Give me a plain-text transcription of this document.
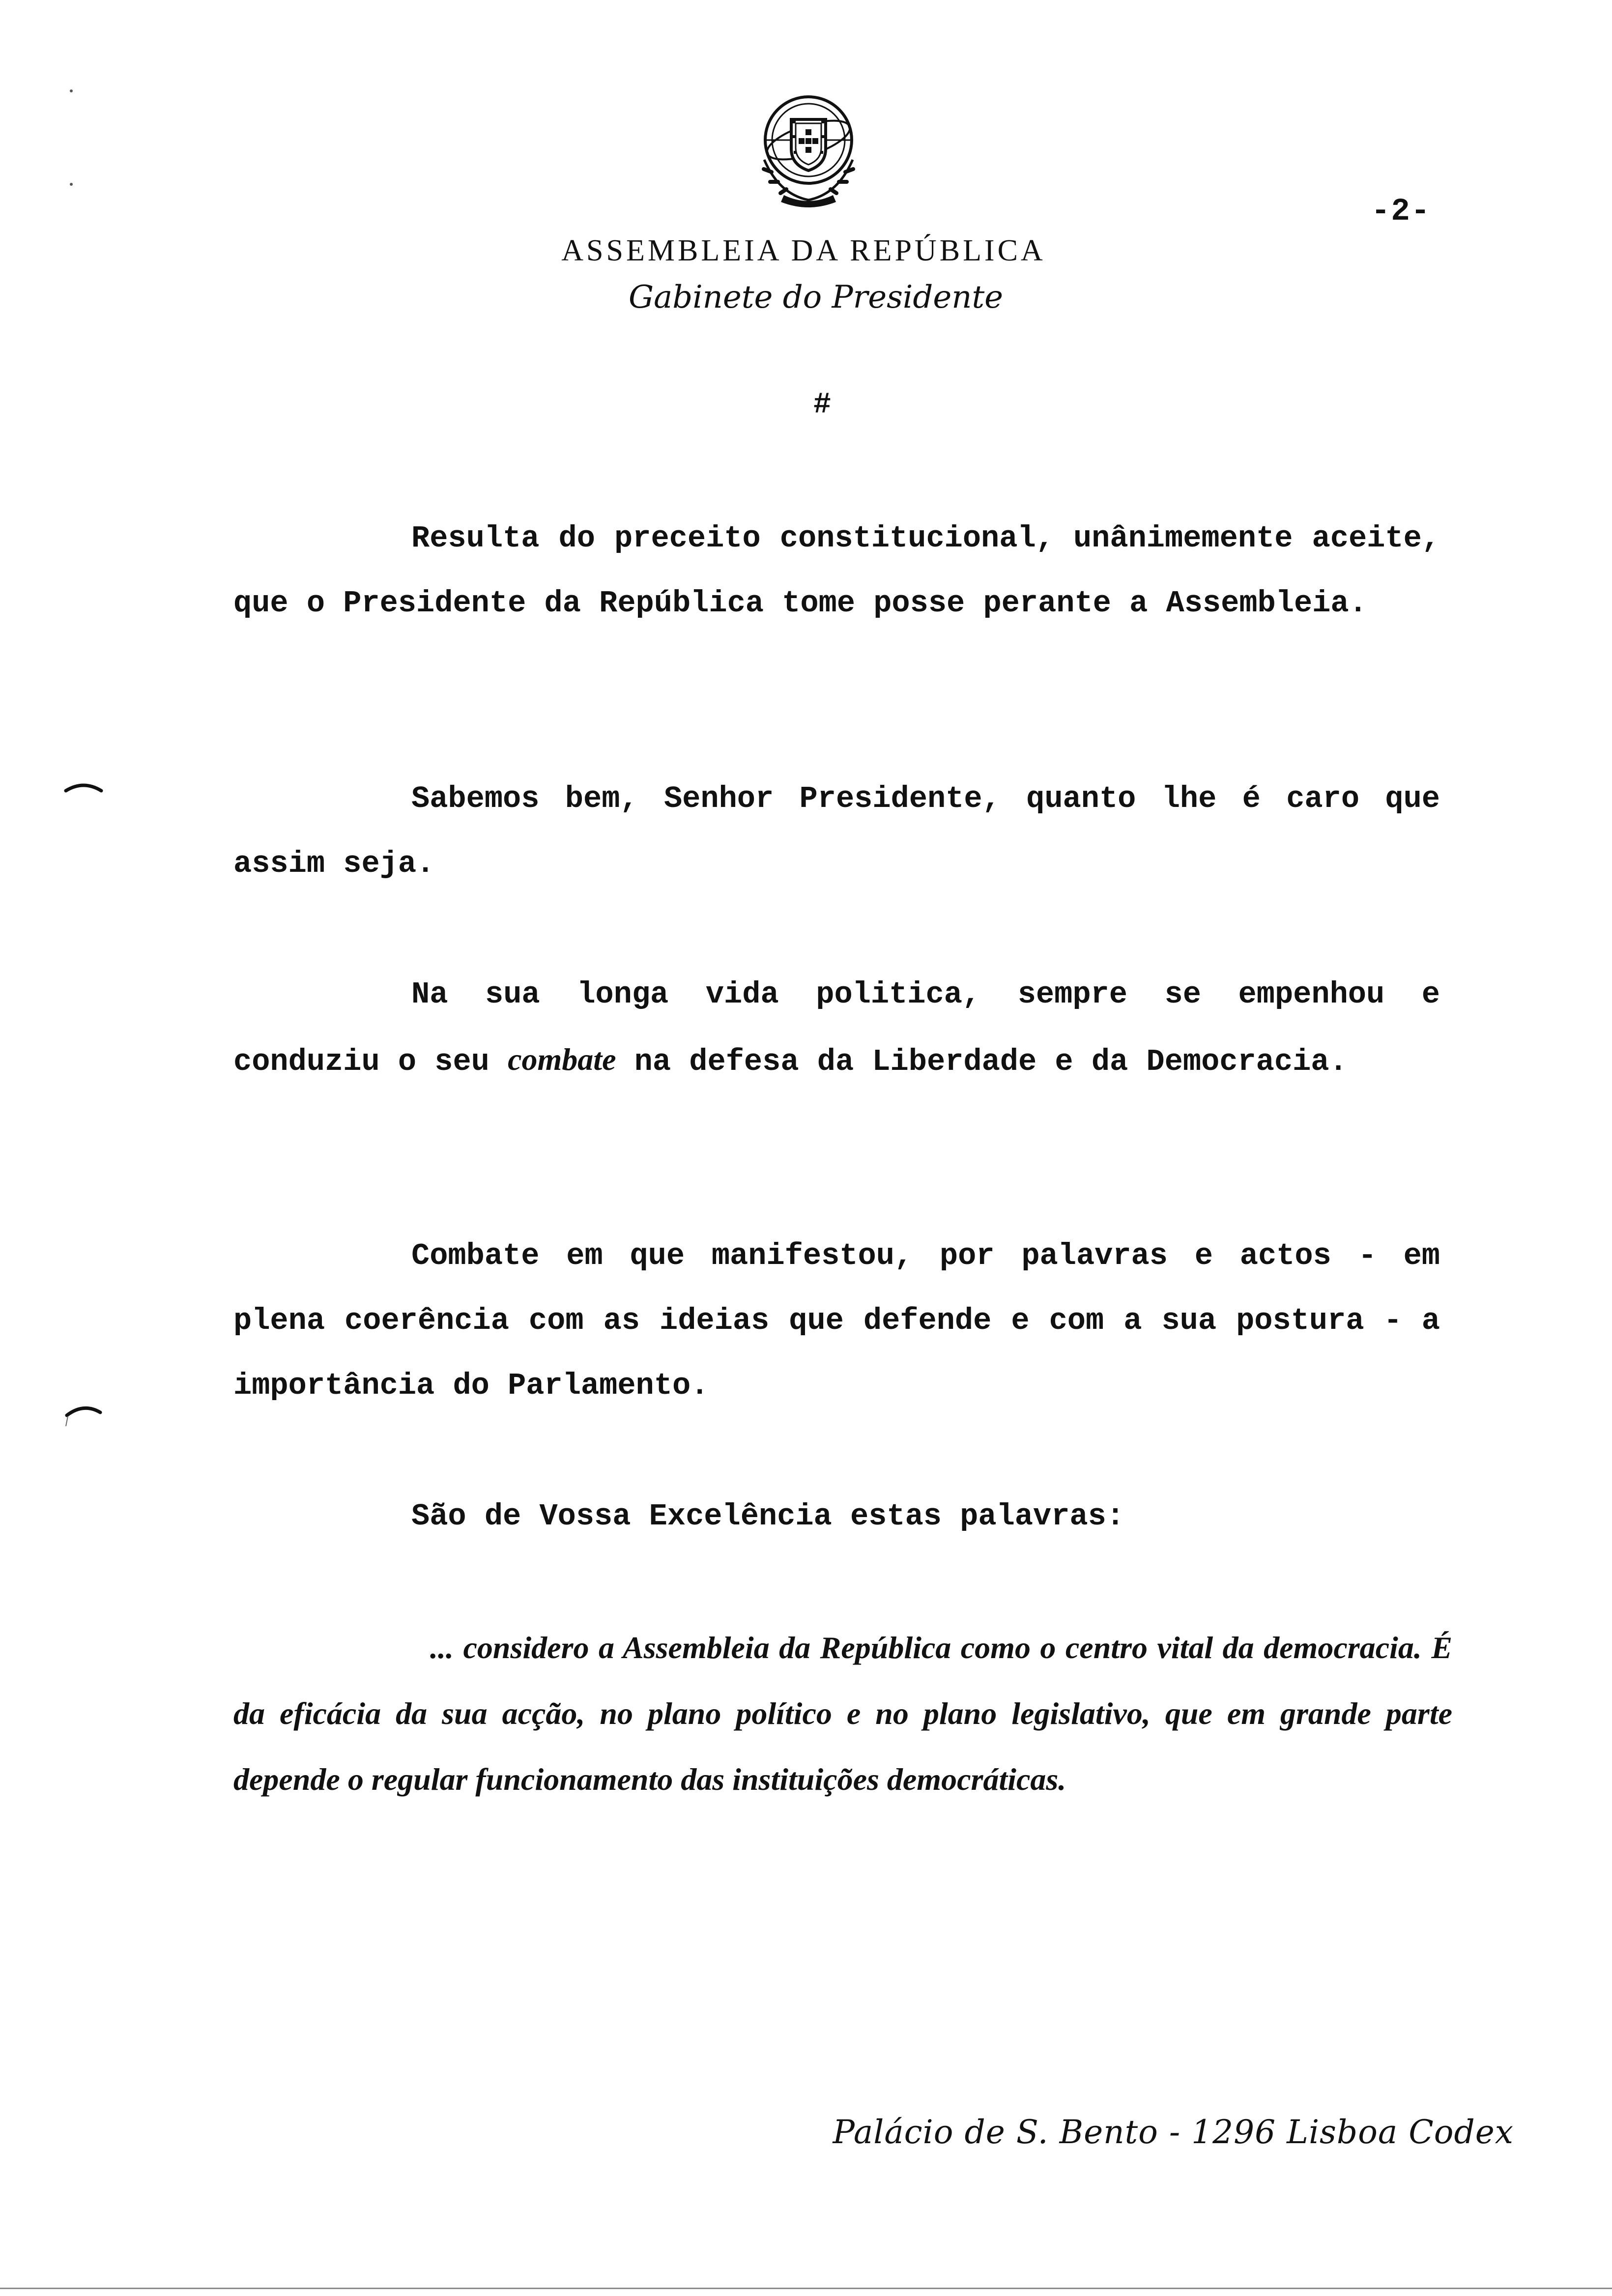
-2-
ASSEMBLEIA DA REPÚBLICA
Gabinete do Presidente
#

Resulta do preceito constitucional, unânimemente aceite, que o Presidente da República tome posse perante a Assembleia.

Sabemos bem, Senhor Presidente, quanto lhe é caro que assim seja.

Na sua longa vida politica, sempre se empenhou e conduziu o seu combate na defesa da Liberdade e da Democracia.

Combate em que manifestou, por palavras e actos - em plena coerência com as ideias que defende e com a sua postura - a importância do Parlamento.

São de Vossa Excelência estas palavras:

... considero a Assembleia da República como o centro vital da democracia. É da eficácia da sua acção, no plano político e no plano legislativo, que em grande parte depende o regular funcionamento das instituições democráticas.

Palácio de S. Bento - 1296 Lisboa Codex
